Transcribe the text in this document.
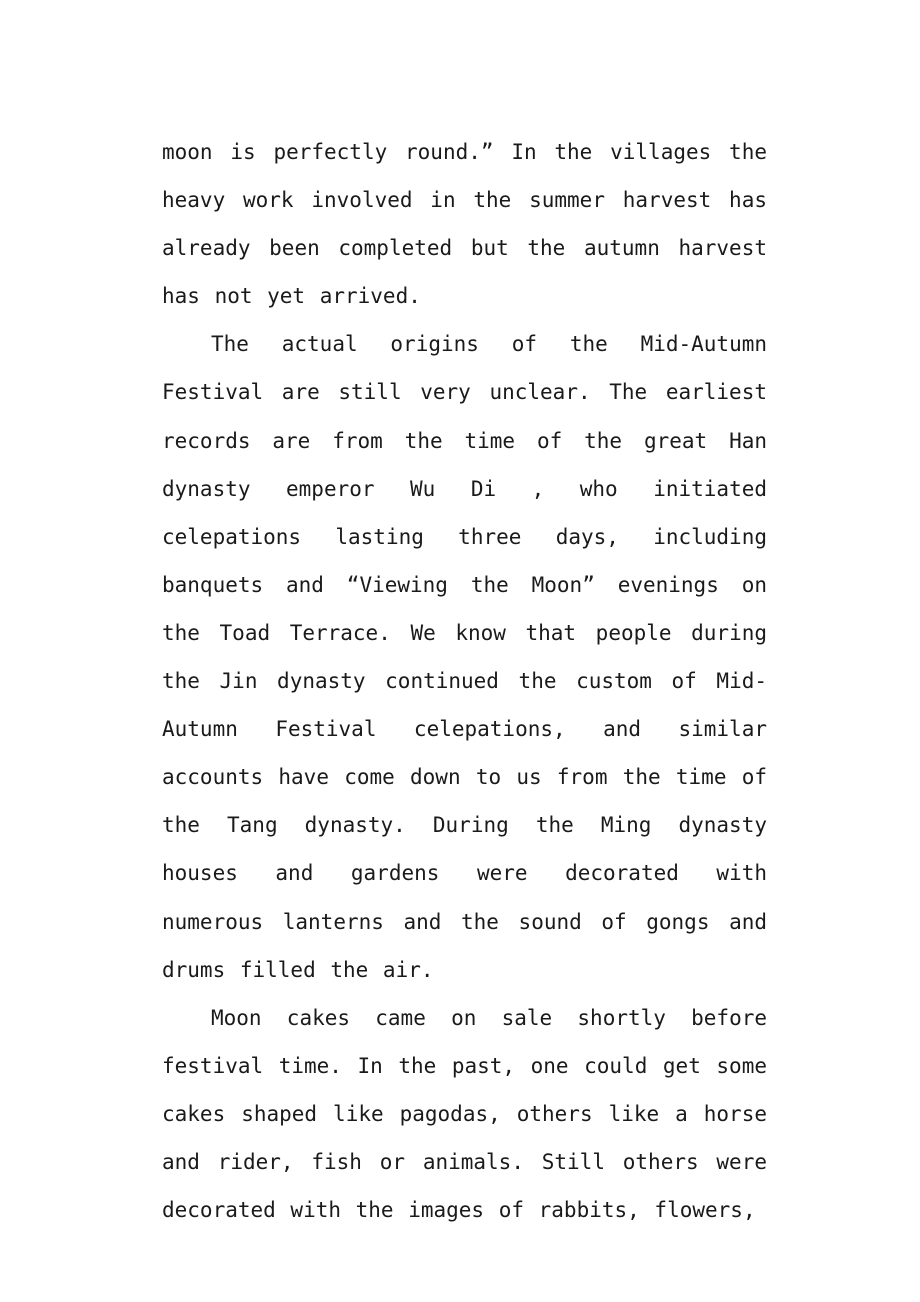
moon is perfectly round.” In the villages the heavy work involved in the summer harvest has already been completed but the autumn harvest has not yet arrived.

The actual origins of the Mid-Autumn Festival are still very unclear. The earliest records are from the time of the great Han dynasty emperor Wu Di , who initiated celepations lasting three days, including banquets and “Viewing the Moon” evenings on the Toad Terrace. We know that people during the Jin dynasty continued the custom of Mid-Autumn Festival celepations, and similar accounts have come down to us from the time of the Tang dynasty. During the Ming dynasty houses and gardens were decorated with numerous lanterns and the sound of gongs and drums filled the air.

Moon cakes came on sale shortly before festival time. In the past, one could get some cakes shaped like pagodas, others like a horse and rider, fish or animals. Still others were decorated with the images of rabbits, flowers,
